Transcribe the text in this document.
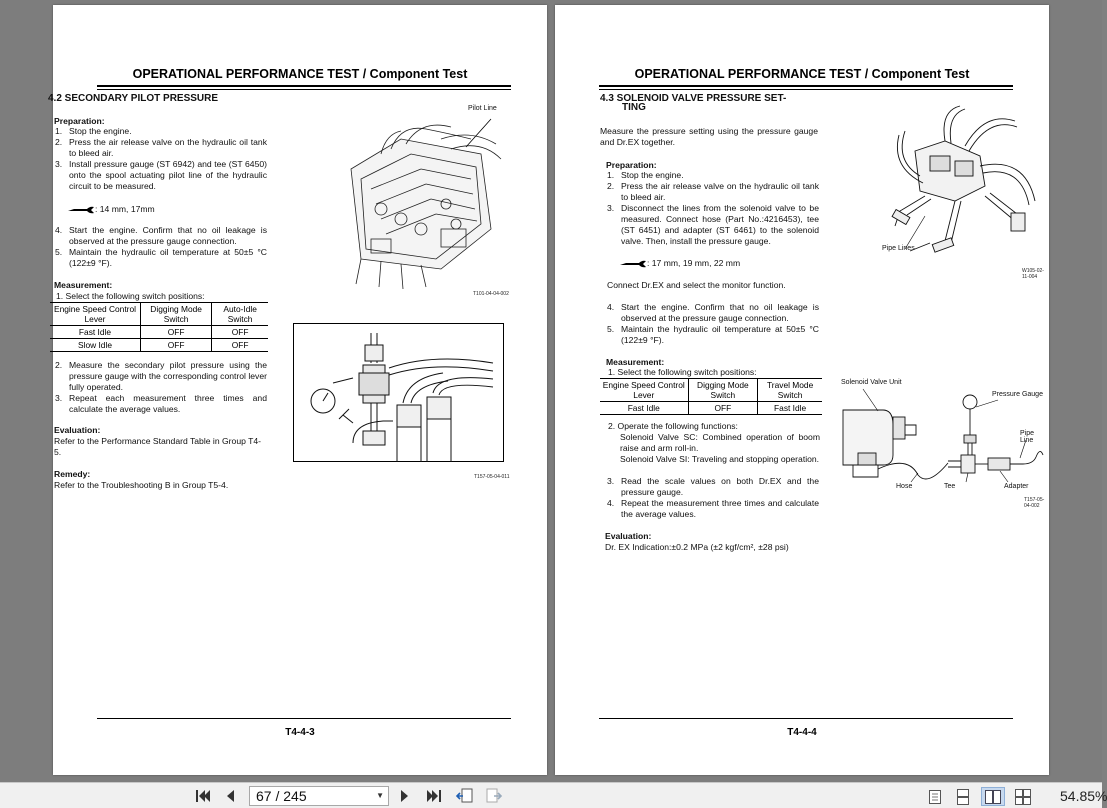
OPERATIONAL PERFORMANCE TEST / Component Test
4.2 SECONDARY PILOT PRESSURE
Preparation:
1. Stop the engine.
2. Press the air release valve on the hydraulic oil tank to bleed air.
3. Install pressure gauge (ST 6942) and tee (ST 6450) onto the spool actuating pilot line of the hydraulic circuit to be measured.
: 14 mm, 17mm
4. Start the engine. Confirm that no oil leakage is observed at the pressure gauge connection.
5. Maintain the hydraulic oil temperature at 50±5 °C (122±9 °F).
Measurement:
1. Select the following switch positions:
Engine Speed Control Lever	Digging Mode Switch	Auto-Idle Switch
Fast Idle	OFF	OFF
Slow Idle	OFF	OFF
2. Measure the secondary pilot pressure using the pressure gauge with the corresponding control lever fully operated.
3. Repeat each measurement three times and calculate the average values.
Evaluation:
Refer to the Performance Standard Table in Group T4-5.
Remedy:
Refer to the Troubleshooting B in Group T5-4.
Pilot Line
T101-04-04-002
T157-05-04-011
T4-4-3
OPERATIONAL PERFORMANCE TEST / Component Test
4.3 SOLENOID VALVE PRESSURE SET-
TING
Measure the pressure setting using the pressure gauge and Dr.EX together.
Preparation:
1. Stop the engine.
2. Press the air release valve on the hydraulic oil tank to bleed air.
3. Disconnect the lines from the solenoid valve to be measured. Connect hose (Part No.:4216453), tee (ST 6451) and adapter (ST 6461) to the solenoid valve. Then, install the pressure gauge.
: 17 mm, 19 mm, 22 mm
Connect Dr.EX and select the monitor function.
4. Start the engine. Confirm that no oil leakage is observed at the pressure gauge connection.
5. Maintain the hydraulic oil temperature at 50±5 °C (122±9 °F).
Measurement:
1. Select the following switch positions:
Engine Speed Control Lever	Digging Mode Switch	Travel Mode Switch
Fast Idle	OFF	Fast Idle
2. Operate the following functions:
Solenoid Valve SC: Combined operation of boom raise and arm roll-in.
Solenoid Valve SI: Traveling and stopping operation.
3. Read the scale values on both Dr.EX and the pressure gauge.
4. Repeat the measurement three times and calculate the average values.
Evaluation:
Dr. EX Indication:±0.2 MPa (±2 kgf/cm², ±28 psi)
Pipe Lines
W105-02-11-004
Solenoid Valve Unit
Pressure Gauge
Pipe Line
Hose	Tee	Adapter
T157-05-04-002
T4-4-4
67 / 245	▼	54.85%
